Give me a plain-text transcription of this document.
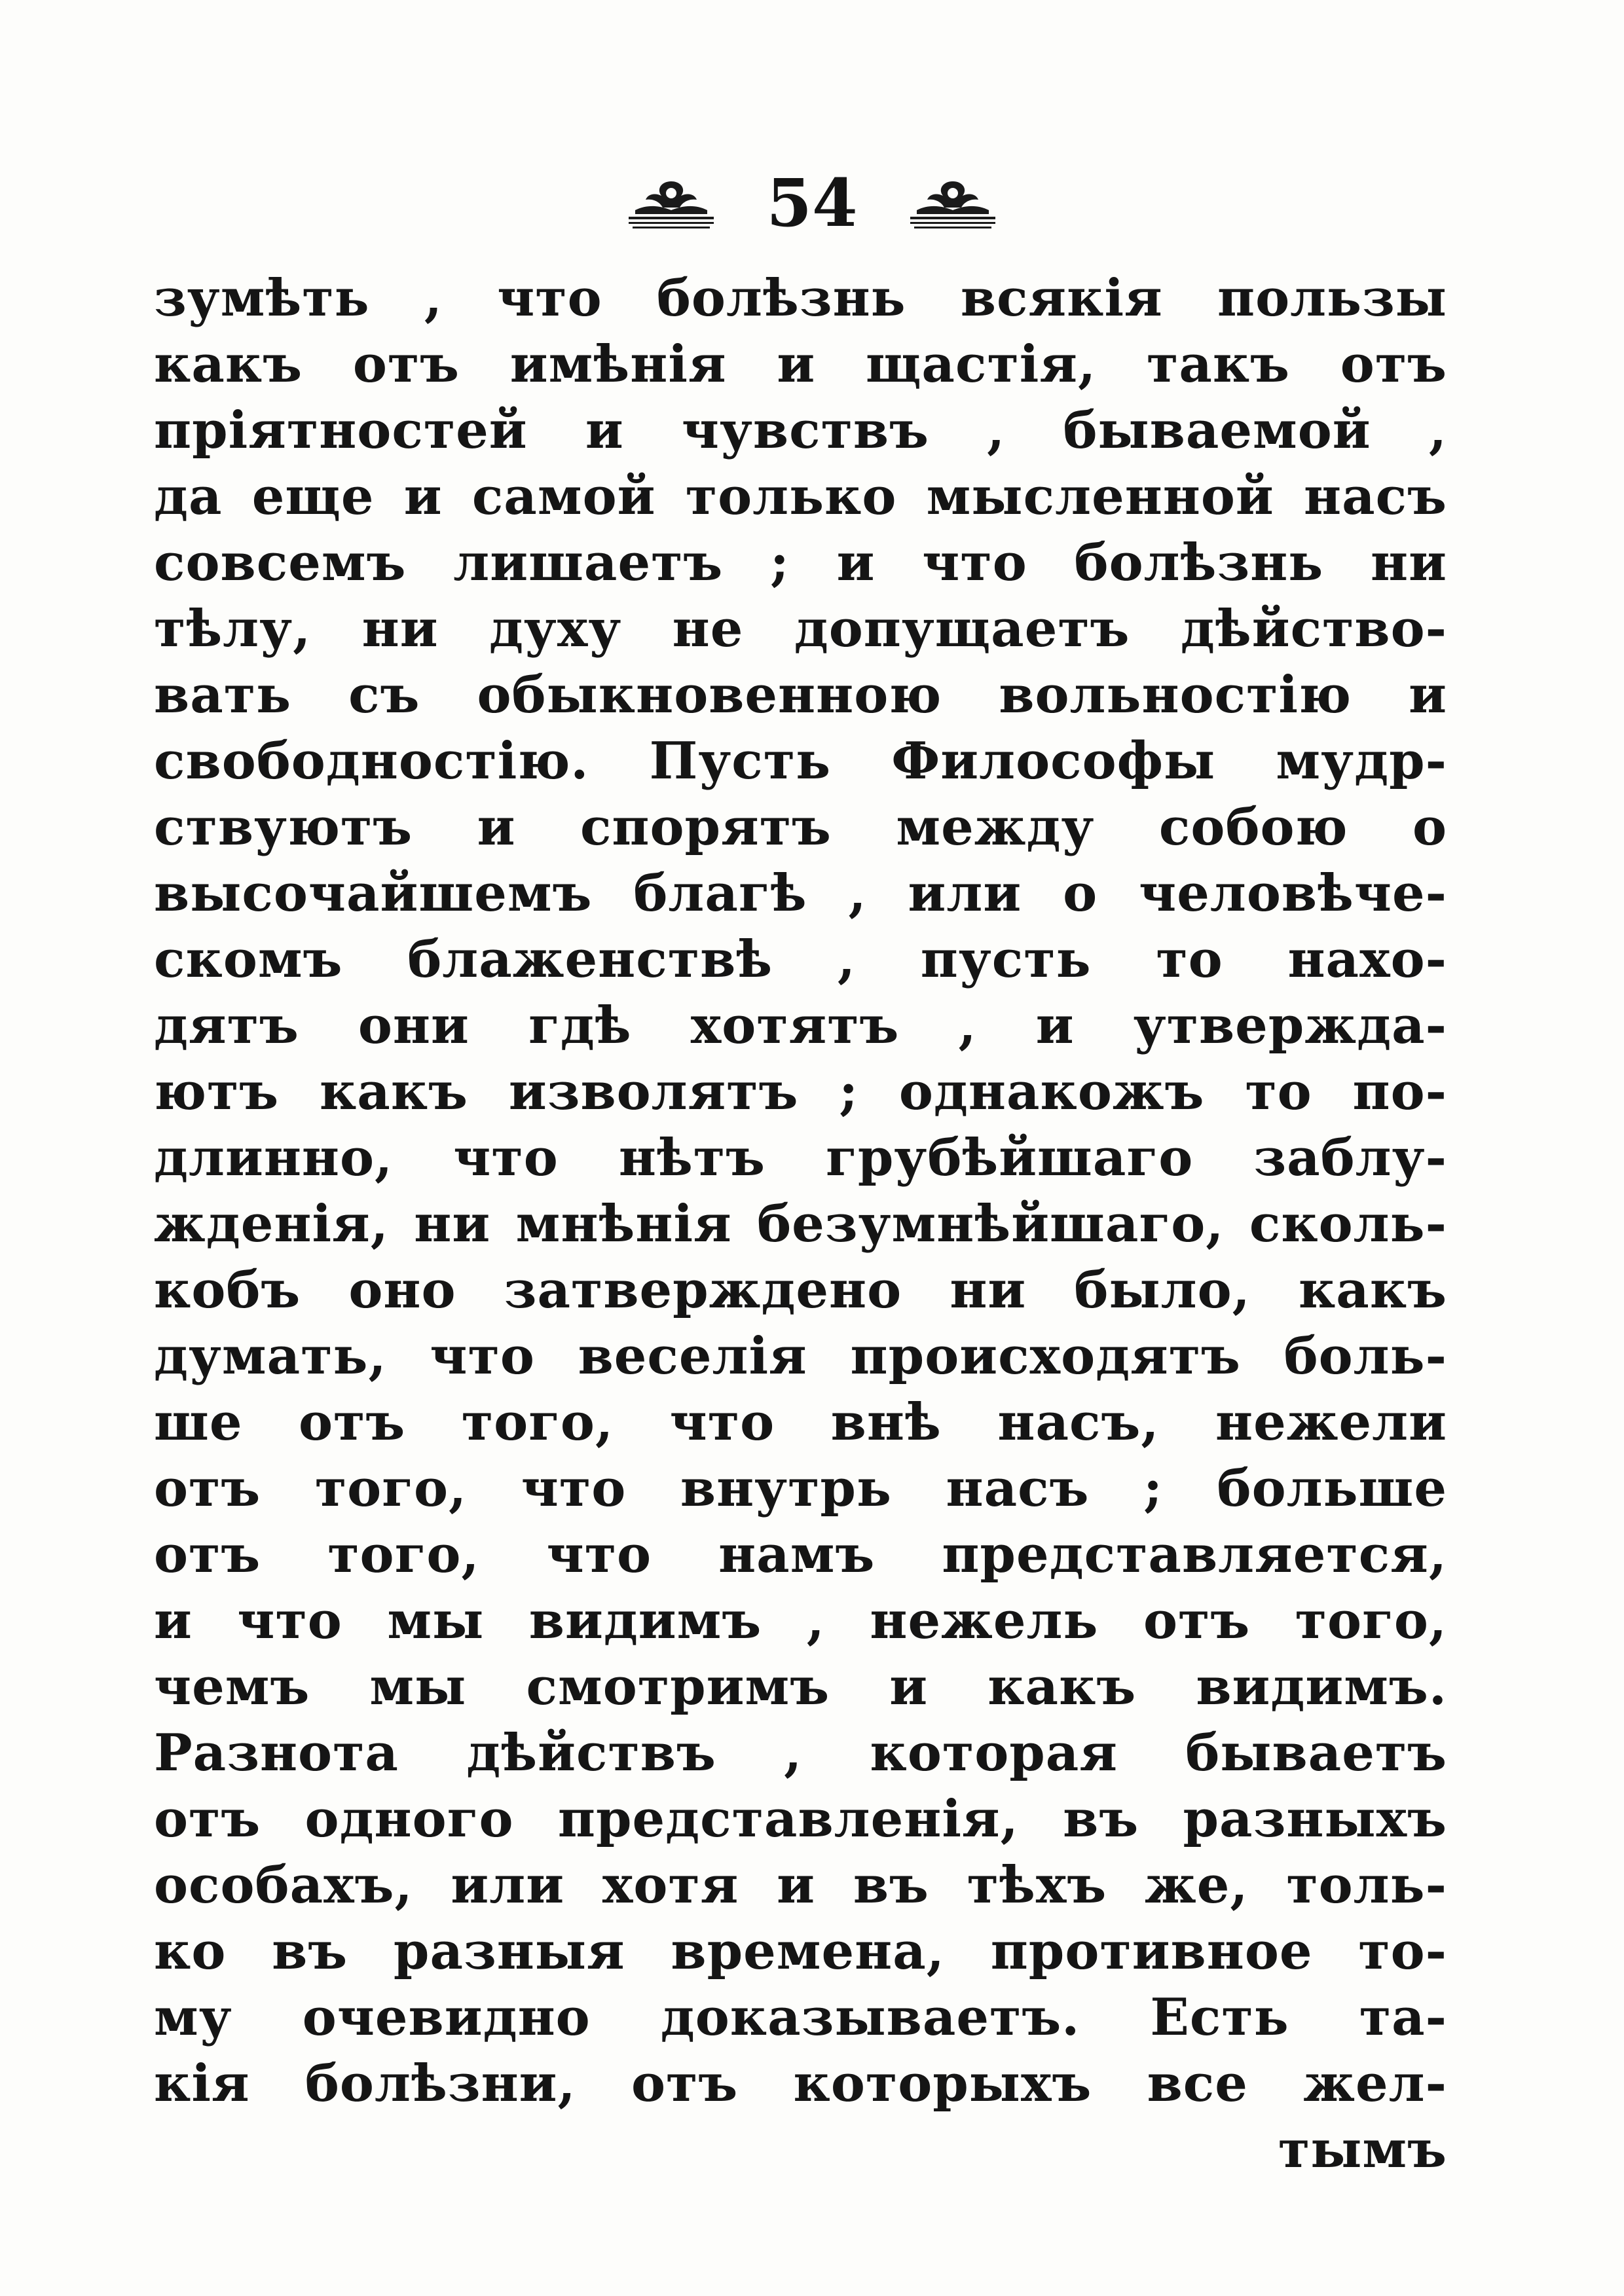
54
зумѣть , что болѣзнь всякія пользы
какъ отъ имѣнія и щастія, такъ отъ
пріятностей и чувствъ , бываемой ,
да еще и самой только мысленной насъ
совсемъ лишаетъ ; и что болѣзнь ни
тѣлу, ни духу не допущаетъ дѣйство-
вать съ обыкновенною вольностію и
свободностію. Пусть Философы мудр-
ствуютъ и спорятъ между собою о
высочайшемъ благѣ , или о человѣче-
скомъ блаженствѣ , пусть то нахо-
дятъ они гдѣ хотятъ , и утвержда-
ютъ какъ изволятъ ; однакожъ то по-
длинно, что нѣтъ грубѣйшаго заблу-
жденія, ни мнѣнія безумнѣйшаго, сколь-
кобъ оно затверждено ни было, какъ
думать, что веселія происходятъ боль-
ше отъ того, что внѣ насъ, нежели
отъ того, что внутрь насъ ; больше
отъ того, что намъ представляется,
и что мы видимъ , нежель отъ того,
чемъ мы смотримъ и какъ видимъ.
Разнота дѣйствъ , которая бываетъ
отъ одного представленія, въ разныхъ
особахъ, или хотя и въ тѣхъ же, толь-
ко въ разныя времена, противное то-
му очевидно доказываетъ. Есть та-
кія болѣзни, отъ которыхъ все жел-
тымъ
